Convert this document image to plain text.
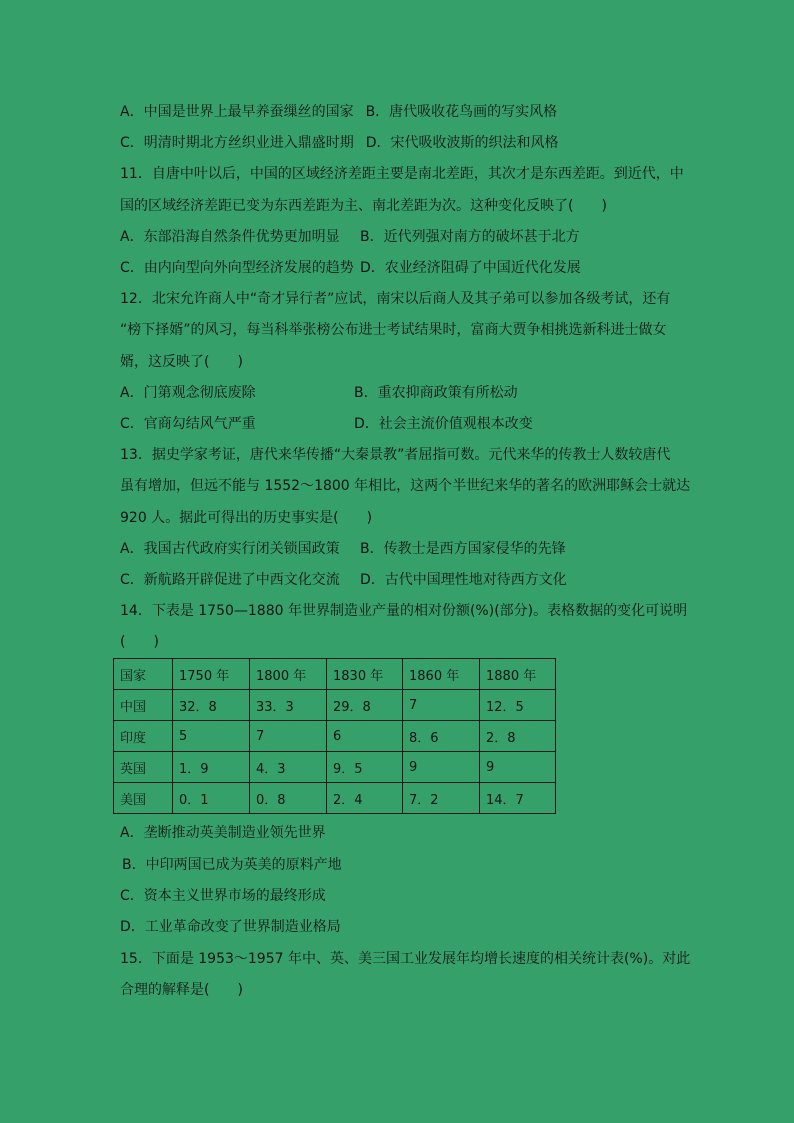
A．中国是世界上最早养蚕缫丝的国家 B．唐代吸收花鸟画的写实风格
C．明清时期北方丝织业进入鼎盛时期 D．宋代吸收波斯的织法和风格
11．自唐中叶以后，中国的区域经济差距主要是南北差距，其次才是东西差距。到近代，中
国的区域经济差距已变为东西差距为主、南北差距为次。这种变化反映了(　　)
A．东部沿海自然条件优势更加明显 B．近代列强对南方的破坏甚于北方
C．由内向型向外向型经济发展的趋势 D．农业经济阻碍了中国近代化发展
12．北宋允许商人中“奇才异行者”应试，南宋以后商人及其子弟可以参加各级考试，还有
“榜下择婿”的风习，每当科举张榜公布进士考试结果时，富商大贾争相挑选新科进士做女
婿，这反映了(　　)
A．门第观念彻底废除	B．重农抑商政策有所松动
C．官商勾结风气严重	D．社会主流价值观根本改变
13．据史学家考证，唐代来华传播“大秦景教”者屈指可数。元代来华的传教士人数较唐代
虽有增加，但远不能与 1552～1800 年相比，这两个半世纪来华的著名的欧洲耶稣会士就达
920 人。据此可得出的历史事实是(　　)
A．我国古代政府实行闭关锁国政策 B．传教士是西方国家侵华的先锋
C．新航路开辟促进了中西文化交流 D．古代中国理性地对待西方文化
14．下表是 1750—1880 年世界制造业产量的相对份额(%)(部分)。表格数据的变化可说明
(　　)
国家	1750 年	1800 年	1830 年	1860 年	1880 年
中国	32．8	33．3	29．8	7	12．5
印度	5	7	6	8．6	2．8
英国	1．9	4．3	9．5	9	9
美国	0．1	0．8	2．4	7．2	14．7
A．垄断推动英美制造业领先世界
B．中印两国已成为英美的原料产地
C．资本主义世界市场的最终形成
D．工业革命改变了世界制造业格局
15．下面是 1953～1957 年中、英、美三国工业发展年均增长速度的相关统计表(%)。对此
合理的解释是(　　)
